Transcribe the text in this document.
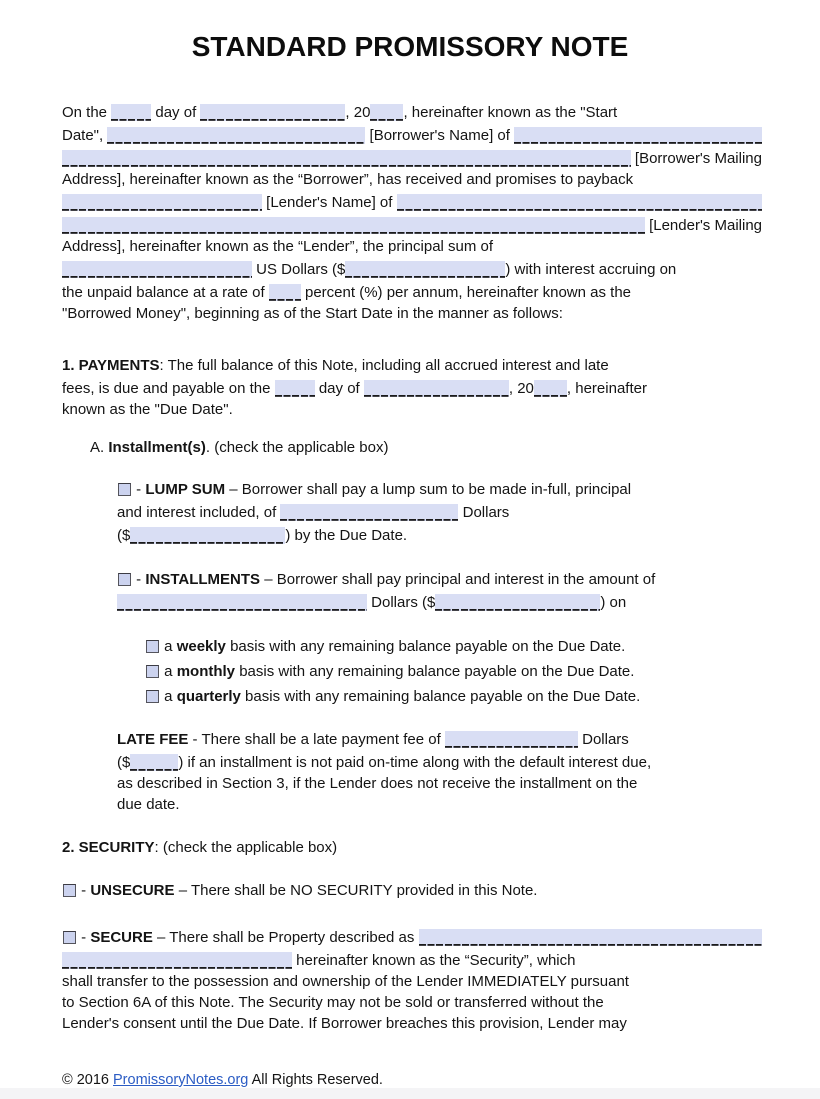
STANDARD PROMISSORY NOTE
On the	day of	, 20 , hereinafter known as the "Start
Date",	[Borrower's Name] of
[Borrower's Mailing
Address], hereinafter known as the “Borrower”, has received and promises to payback
[Lender's Name] of
[Lender's Mailing
Address], hereinafter known as the “Lender”, the principal sum of
US Dollars ($	) with interest accruing on
the unpaid balance at a rate of percent (%) per annum, hereinafter known as the
"Borrowed Money", beginning as of the Start Date in the manner as follows:
1. PAYMENTS : The full balance of this Note, including all accrued interest and late
fees, is due and payable on the	day of	, 20 , hereinafter
known as the "Due Date".
A. Installment(s) . (check the applicable box)
- LUMP SUM – Borrower shall pay a lump sum to be made in-full, principal
and interest included, of	Dollars
($	) by the Due Date.
- INSTALLMENTS – Borrower shall pay principal and interest in the amount of
Dollars ($	) on
a weekly basis with any remaining balance payable on the Due Date.
a monthly basis with any remaining balance payable on the Due Date.
a quarterly basis with any remaining balance payable on the Due Date.
LATE FEE - There shall be a late payment fee of	Dollars
($	) if an installment is not paid on-time along with the default interest due,
as described in Section 3, if the Lender does not receive the installment on the
due date.
2. SECURITY : (check the applicable box)
- UNSECURE – There shall be NO SECURITY provided in this Note.
- SECURE – There shall be Property described as
hereinafter known as the “Security”, which
shall transfer to the possession and ownership of the Lender IMMEDIATELY pursuant
to Section 6A of this Note. The Security may not be sold or transferred without the
Lender's consent until the Due Date. If Borrower breaches this provision, Lender may
© 2016 PromissoryNotes.org All Rights Reserved.
